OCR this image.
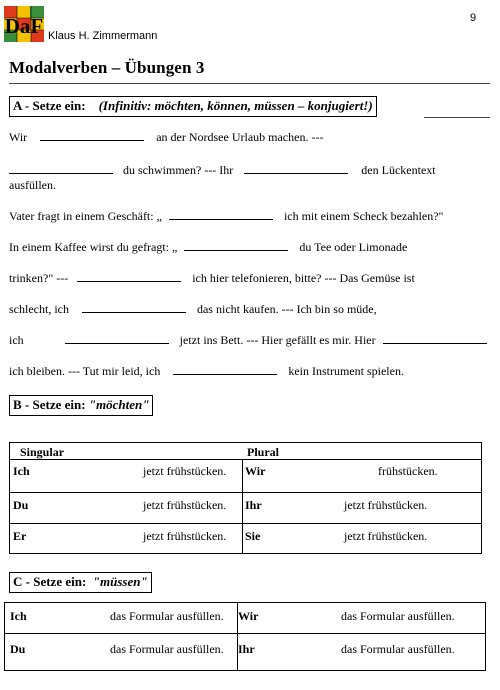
DaF Klaus H. Zimmermann
9
Modalverben – Übungen 3
A - Setze ein: (Infinitiv: möchten, können, müssen – konjugiert!)
Wir	an der Nordsee Urlaub machen. ---
du schwimmen? --- Ihr	den Lückentext
ausfüllen.
Vater fragt in einem Geschäft: „	ich mit einem Scheck bezahlen?"
In einem Kaffee wirst du gefragt: „	du Tee oder Limonade
trinken?" ---	ich hier telefonieren, bitte? --- Das Gemüse ist
schlecht, ich	das nicht kaufen. --- Ich bin so müde,
ich	jetzt ins Bett. --- Hier gefällt es mir. Hier
ich bleiben. --- Tut mir leid, ich	kein Instrument spielen.
B - Setze ein: "möchten"
Singular Plural	

Ich jetzt frühstücken.	Wir frühstücken.

Du jetzt frühstücken.	Ihr jetzt frühstücken.

Er jetzt frühstücken.	Sie jetzt frühstücken.
C - Setze ein: "müssen"
Ich das Formular ausfüllen.	Wir das Formular ausfüllen.

Du das Formular ausfüllen.	Ihr das Formular ausfüllen.
